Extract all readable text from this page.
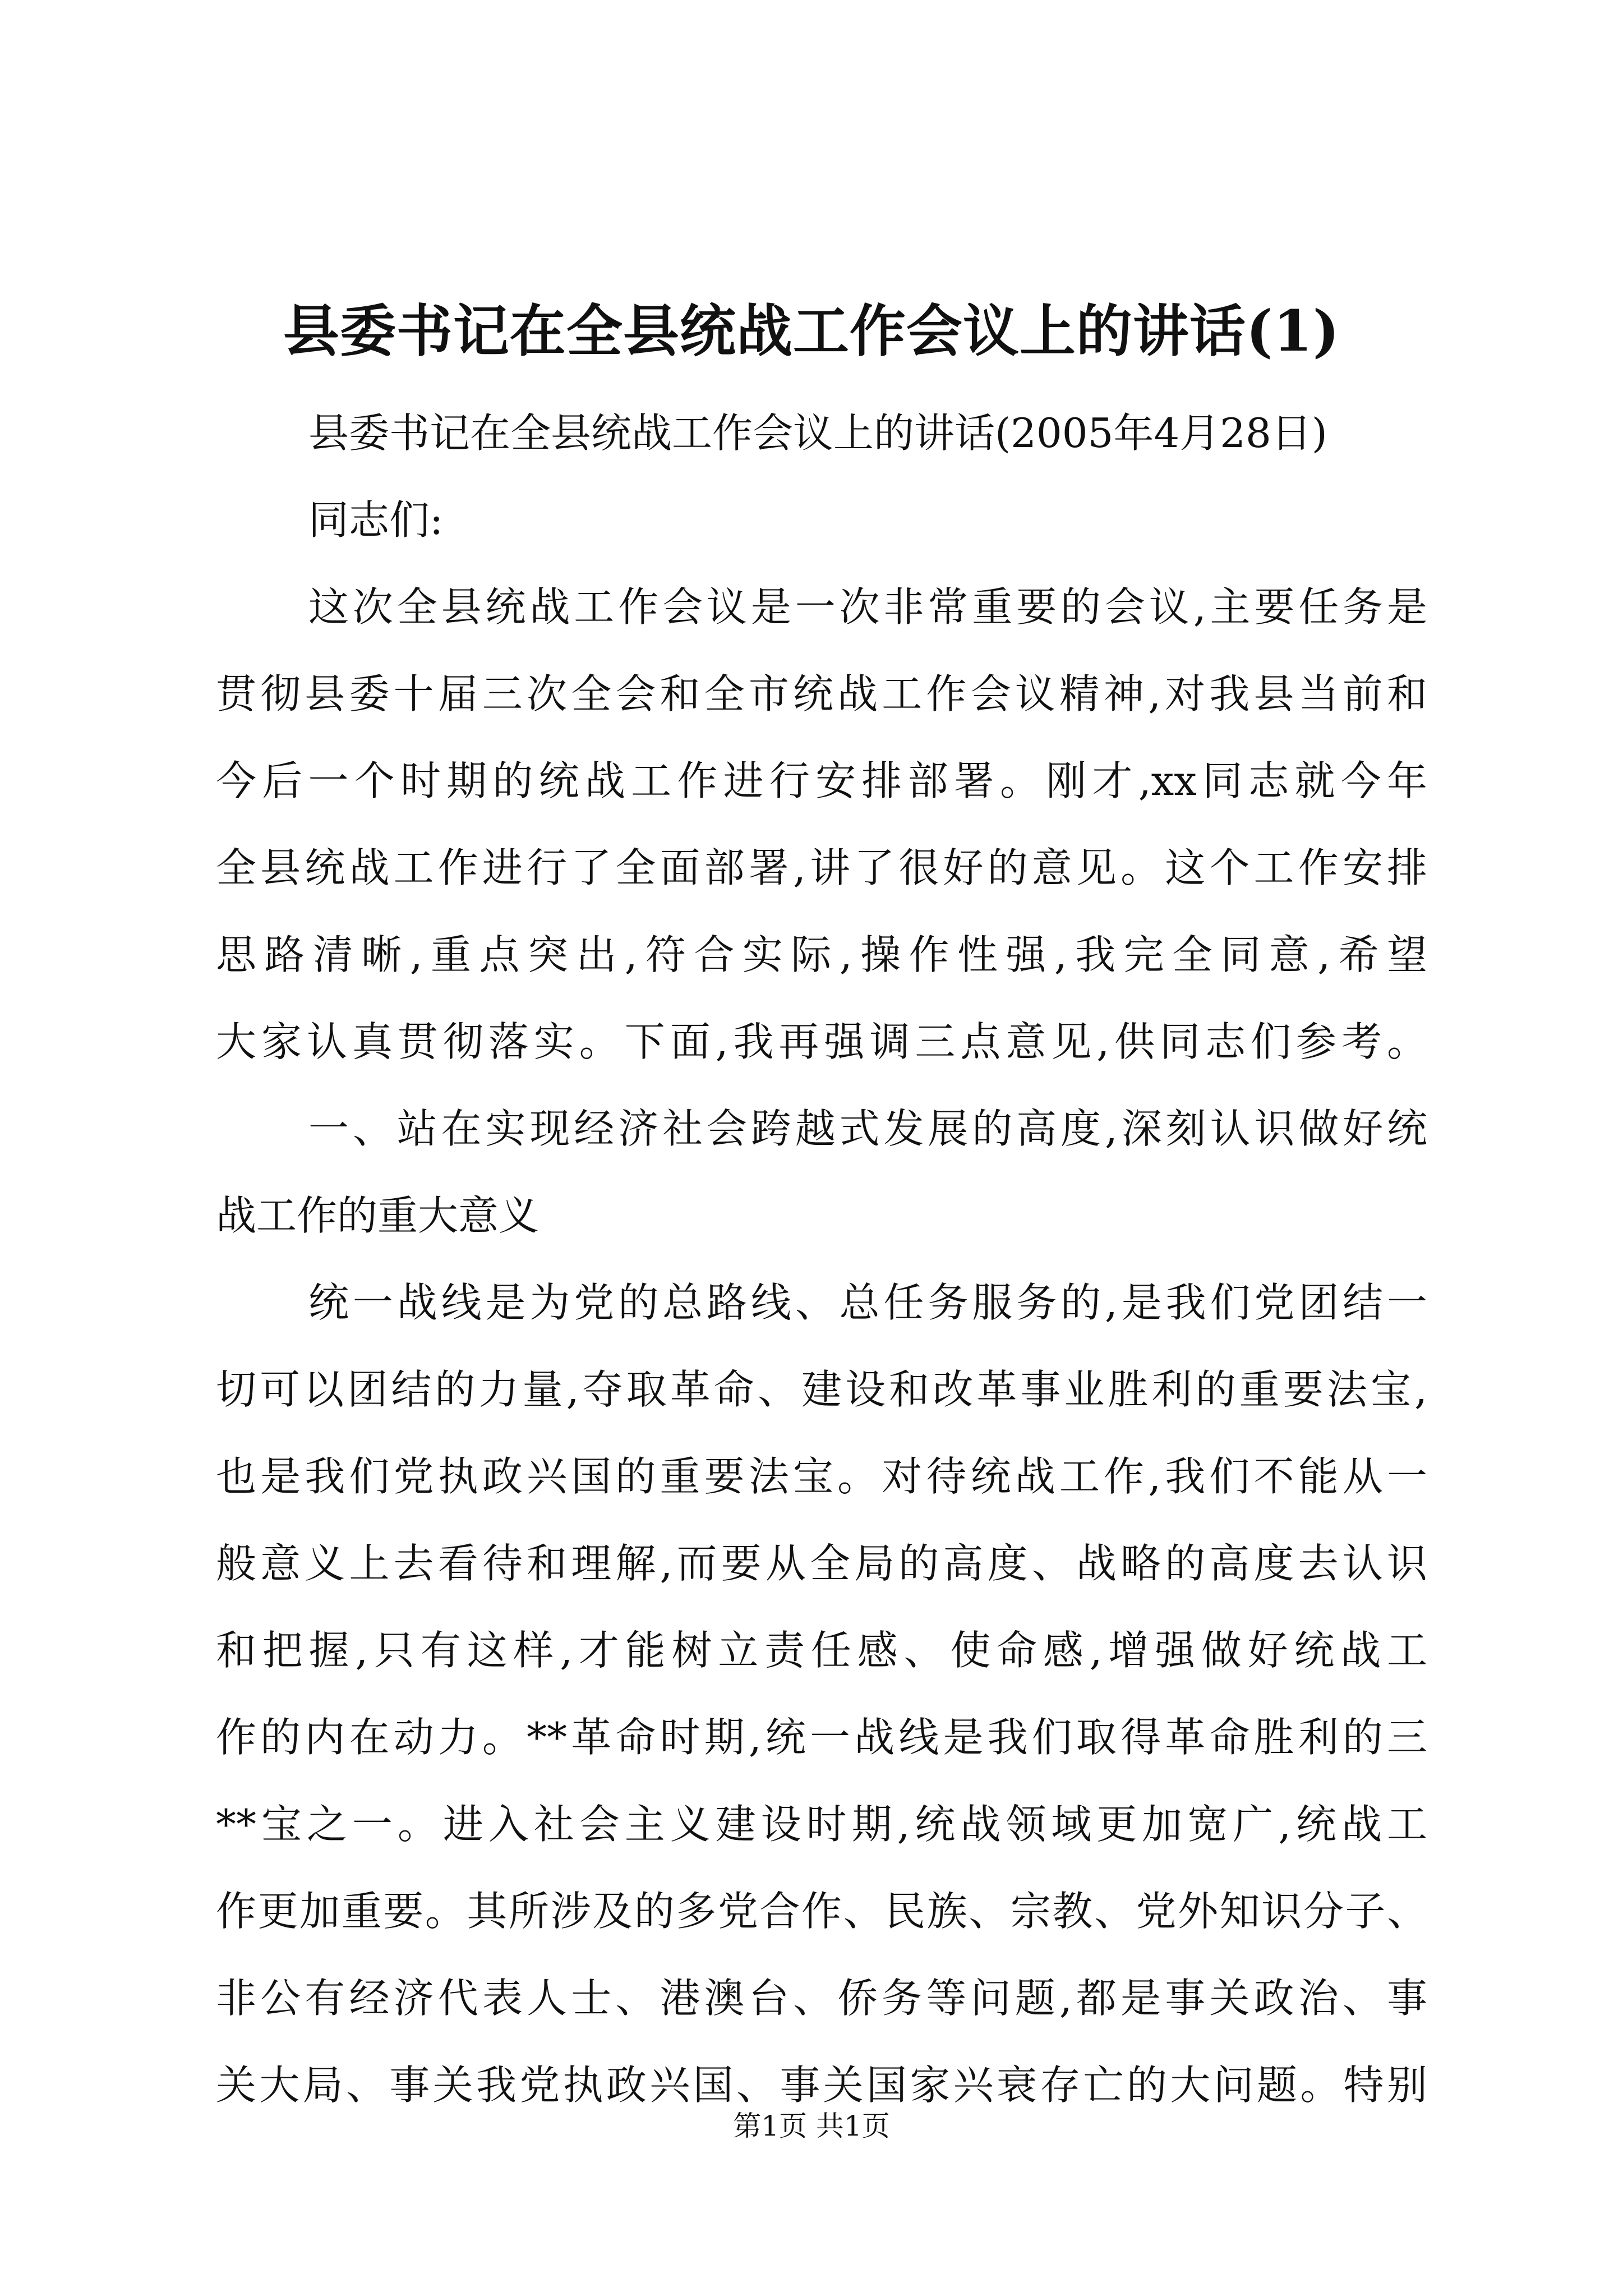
县委书记在全县统战工作会议上的讲话(1)
县委书记在全县统战工作会议上的讲话(2005年4月28日)
同志们:
这次全县统战工作会议是一次非常重要的会议,主要任务是
贯彻县委十届三次全会和全市统战工作会议精神,对我县当前和
今后一个时期的统战工作进行安排部署。刚才,xx同志就今年
全县统战工作进行了全面部署,讲了很好的意见。这个工作安排
思路清晰,重点突出,符合实际,操作性强,我完全同意,希望
大家认真贯彻落实。下面,我再强调三点意见,供同志们参考。
一、站在实现经济社会跨越式发展的高度,深刻认识做好统
战工作的重大意义
统一战线是为党的总路线、总任务服务的,是我们党团结一
切可以团结的力量,夺取革命、建设和改革事业胜利的重要法宝,
也是我们党执政兴国的重要法宝。对待统战工作,我们不能从一
般意义上去看待和理解,而要从全局的高度、战略的高度去认识
和把握,只有这样,才能树立责任感、使命感,增强做好统战工
作的内在动力。**革命时期,统一战线是我们取得革命胜利的三
**宝之一。进入社会主义建设时期,统战领域更加宽广,统战工
作更加重要。其所涉及的多党合作、民族、宗教、党外知识分子、
非公有经济代表人士、港澳台、侨务等问题,都是事关政治、事
关大局、事关我党执政兴国、事关国家兴衰存亡的大问题。特别
第1页 共1页
